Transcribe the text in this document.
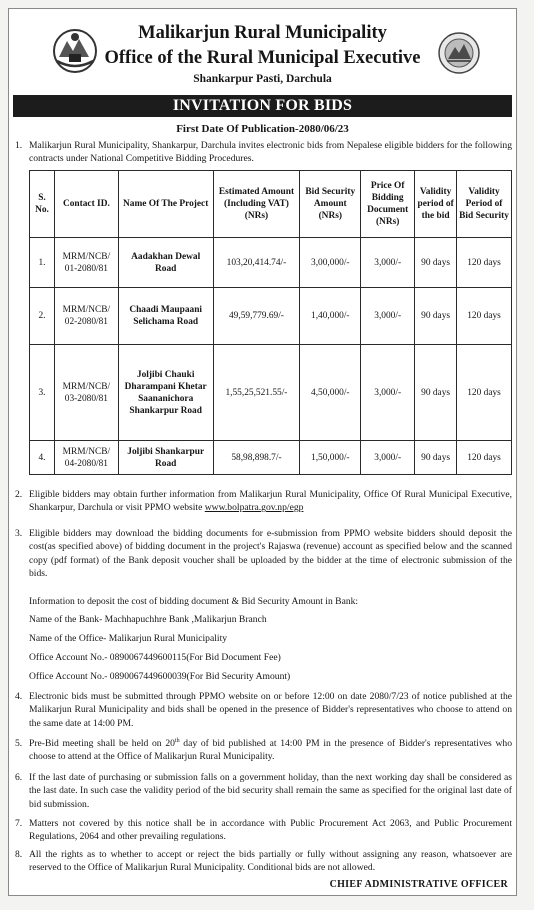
Malikarjun Rural Municipality
Office of the Rural Municipal Executive
Shankarpur Pasti, Darchula
INVITATION FOR BIDS
First Date Of Publication-2080/06/23
1. Malikarjun Rural Municipality, Shankarpur, Darchula invites electronic bids from Nepalese eligible bidders for the following contracts under National Competitive Bidding Procedures.
S. No.	Contact ID.	Name Of The Project	Estimated Amount (Including VAT) (NRs)	Bid Security Amount (NRs)	Price Of Bidding Document (NRs)	Validity period of the bid	Validity Period of Bid Security
1.	MRM/NCB/ 01-2080/81	Aadakhan Dewal Road	103,20,414.74/-	3,00,000/-	3,000/-	90 days	120 days
2.	MRM/NCB/ 02-2080/81	Chaadi Maupaani Selichama Road	49,59,779.69/-	1,40,000/-	3,000/-	90 days	120 days
3.	MRM/NCB/ 03-2080/81	Joljibi Chauki Dharampani Khetar Saananichora Shankarpur Road	1,55,25,521.55/-	4,50,000/-	3,000/-	90 days	120 days
4.	MRM/NCB/ 04-2080/81	Joljibi Shankarpur Road	58,98,898.7/-	1,50,000/-	3,000/-	90 days	120 days
2. Eligible bidders may obtain further information from Malikarjun Rural Municipality, Office Of Rural Municipal Executive, Shankarpur, Darchula or visit PPMO website www.bolpatra.gov.np/egp
3. Eligible bidders may download the bidding documents for e-submission from PPMO website bidders should deposit the cost(as specified above) of bidding document in the project's Rajaswa (revenue) account as specified below and the scanned copy (pdf format) of the Bank deposit voucher shall be uploaded by the bidder at the time of electronic submission of the bids.
Information to deposit the cost of bidding document & Bid Security Amount in Bank:
Name of the Bank- Machhapuchhre Bank ,Malikarjun Branch
Name of the Office- Malikarjun Rural Municipality
Office Account No.- 0890067449600115(For Bid Document Fee)
Office Account No.- 0890067449600039(For Bid Security Amount)
4. Electronic bids must be submitted through PPMO website on or before 12:00 on date 2080/7/23 of notice published at the Malikarjun Rural Municipality and bids shall be opened in the presence of Bidder's representatives who choose to attend on the same date at 14:00 PM.
5. Pre-Bid meeting shall be held on 20th day of bid published at 14:00 PM in the presence of Bidder's representatives who choose to attend at the Office of Malikarjun Rural Municipality.
6. If the last date of purchasing or submission falls on a government holiday, than the next working day shall be considered as the last date. In such case the validity period of the bid security shall remain the same as specified for the original last date of bid submission.
7. Matters not covered by this notice shall be in accordance with Public Procurement Act 2063, and Public Procurement Regulations, 2064 and other prevailing regulations.
8. All the rights as to whether to accept or reject the bids partially or fully without assigning any reason, whatsoever are reserved to the Office of Malikarjun Rural Municipality. Conditional bids are not allowed.
CHIEF ADMINISTRATIVE OFFICER
